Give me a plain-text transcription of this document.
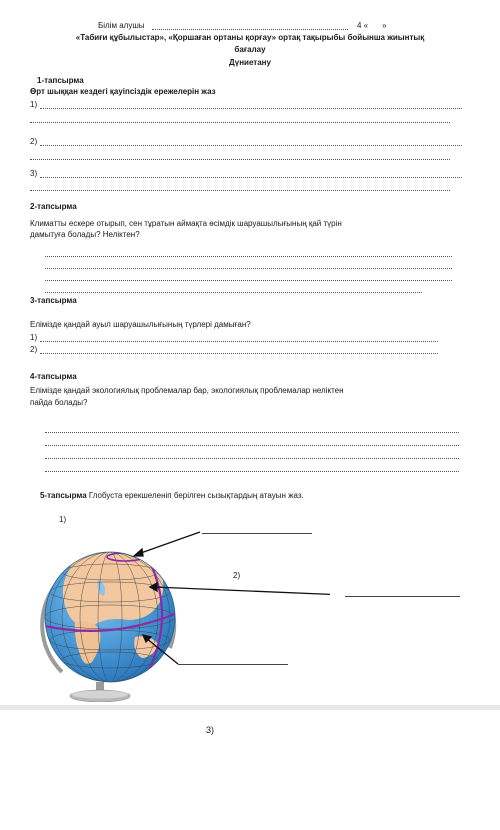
Білім алушы	4 « »
«Табиғи құбылыстар», «Қоршаған ортаны қорғау» ортақ тақырыбы бойынша жиынтық
бағалау
Дүниетану
1-тапсырма
Өрт шыққан кездегі қауіпсіздік ережелерін жаз
1)
2)
3)
2-тапсырма
Климатты ескере отырып, сен тұратын аймақта өсімдік шаруашылығының қай түрін
дамытуға болады? Неліктен?
3-тапсырма
Елімізде қандай ауыл шаруашылығының түрлері дамыған?
1)
2)
4-тапсырма
Елімізде қандай экологиялық проблемалар бар, экологиялық проблемалар неліктен
пайда болады?
5-тапсырма Глобуста ерекшеленіп берілген сызықтардың атауын жаз.
1)
2)
3)
